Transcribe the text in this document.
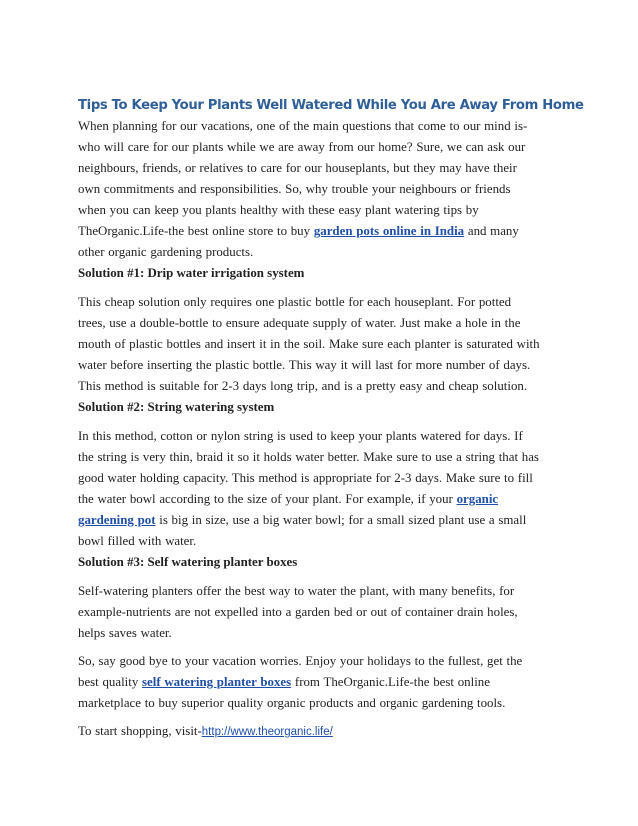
Tips To Keep Your Plants Well Watered While You Are Away From Home

When planning for our vacations, one of the main questions that come to our mind is-
who will care for our plants while we are away from our home? Sure, we can ask our
neighbours, friends, or relatives to care for our houseplants, but they may have their
own commitments and responsibilities. So, why trouble your neighbours or friends
when you can keep you plants healthy with these easy plant watering tips by
TheOrganic.Life-the best online store to buy garden pots online in India and many
other organic gardening products.

Solution #1: Drip water irrigation system

This cheap solution only requires one plastic bottle for each houseplant. For potted
trees, use a double-bottle to ensure adequate supply of water. Just make a hole in the
mouth of plastic bottles and insert it in the soil. Make sure each planter is saturated with
water before inserting the plastic bottle. This way it will last for more number of days.
This method is suitable for 2-3 days long trip, and is a pretty easy and cheap solution.

Solution #2: String watering system

In this method, cotton or nylon string is used to keep your plants watered for days. If
the string is very thin, braid it so it holds water better. Make sure to use a string that has
good water holding capacity. This method is appropriate for 2-3 days. Make sure to fill
the water bowl according to the size of your plant. For example, if your organic
gardening pot is big in size, use a big water bowl; for a small sized plant use a small
bowl filled with water.

Solution #3: Self watering planter boxes

Self-watering planters offer the best way to water the plant, with many benefits, for
example-nutrients are not expelled into a garden bed or out of container drain holes,
helps saves water.

So, say good bye to your vacation worries. Enjoy your holidays to the fullest, get the
best quality self watering planter boxes from TheOrganic.Life-the best online
marketplace to buy superior quality organic products and organic gardening tools.

To start shopping, visit-http://www.theorganic.life/
